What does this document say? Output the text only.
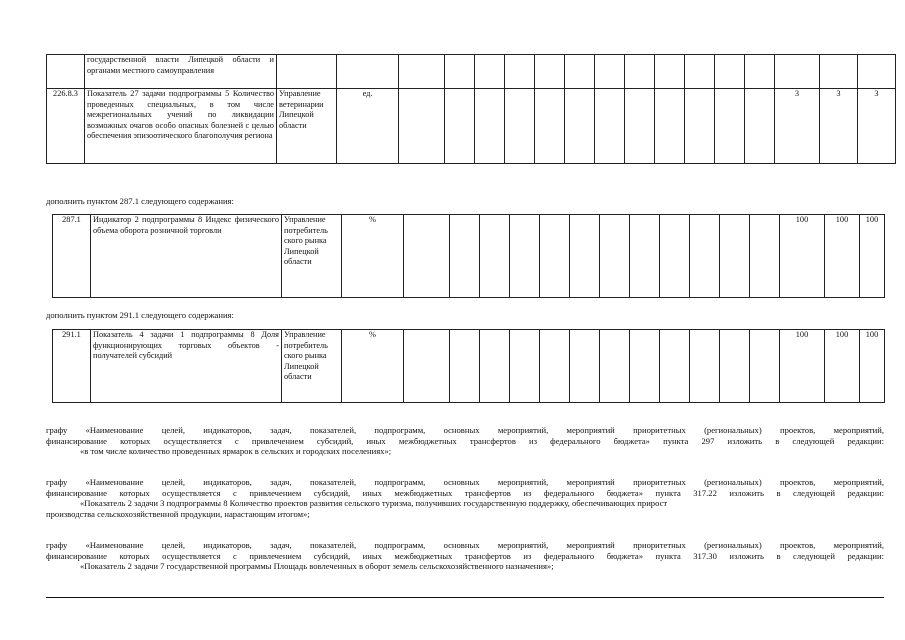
	государственной власти Липецкой области и органами местного самоуправления																	
226.8.3	Показатель 27 задачи подпрограммы 5 Количество проведенных специальных, в том числе межрегиональных учений по ликвидации возможных очагов особо опасных болезней с целью обеспечения эпизоотического благополучия региона	Управление ветеринарии Липецкой области	ед.													3	3	3
дополнить пунктом 287.1 следующего содержания:
287.1	Индикатор 2 подпрограммы 8 Индекс физического объема оборота розничной торговли	Управление потребитель ского рынка Липецкой области	%													100	100	100
дополнить пунктом 291.1 следующего содержания:
291.1	Показатель 4 задачи 1 подпрограммы 8 Доля функционирующих торговых объектов - получателей субсидий	Управление потребитель ского рынка Липецкой области	%													100	100	100
графу «Наименование целей, индикаторов, задач, показателей, подпрограмм, основных мероприятий, мероприятий приоритетных (региональных) проектов, мероприятий,
финансирование которых осуществляется с привлечением субсидий, иных межбюджетных трансфертов из федерального бюджета» пункта 297 изложить в следующей редакции:
«в том числе количество проведенных ярмарок в сельских и городских поселениях»;
графу «Наименование целей, индикаторов, задач, показателей, подпрограмм, основных мероприятий, мероприятий приоритетных (региональных) проектов, мероприятий,
финансирование которых осуществляется с привлечением субсидий, иных межбюджетных трансфертов из федерального бюджета» пункта 317.22 изложить в следующей редакции:
«Показатель 2 задачи 3 подпрограммы 8 Количество проектов развития сельского туризма, получивших государственную поддержку, обеспечивающих прирост
производства сельскохозяйственной продукции, нарастающим итогом»;
графу «Наименование целей, индикаторов, задач, показателей, подпрограмм, основных мероприятий, мероприятий приоритетных (региональных) проектов, мероприятий,
финансирование которых осуществляется с привлечением субсидий, иных межбюджетных трансфертов из федерального бюджета» пункта 317.30 изложить в следующей редакции:
«Показатель 2 задачи 7 государственной программы Площадь вовлеченных в оборот земель сельскохозяйственного назначения»;
